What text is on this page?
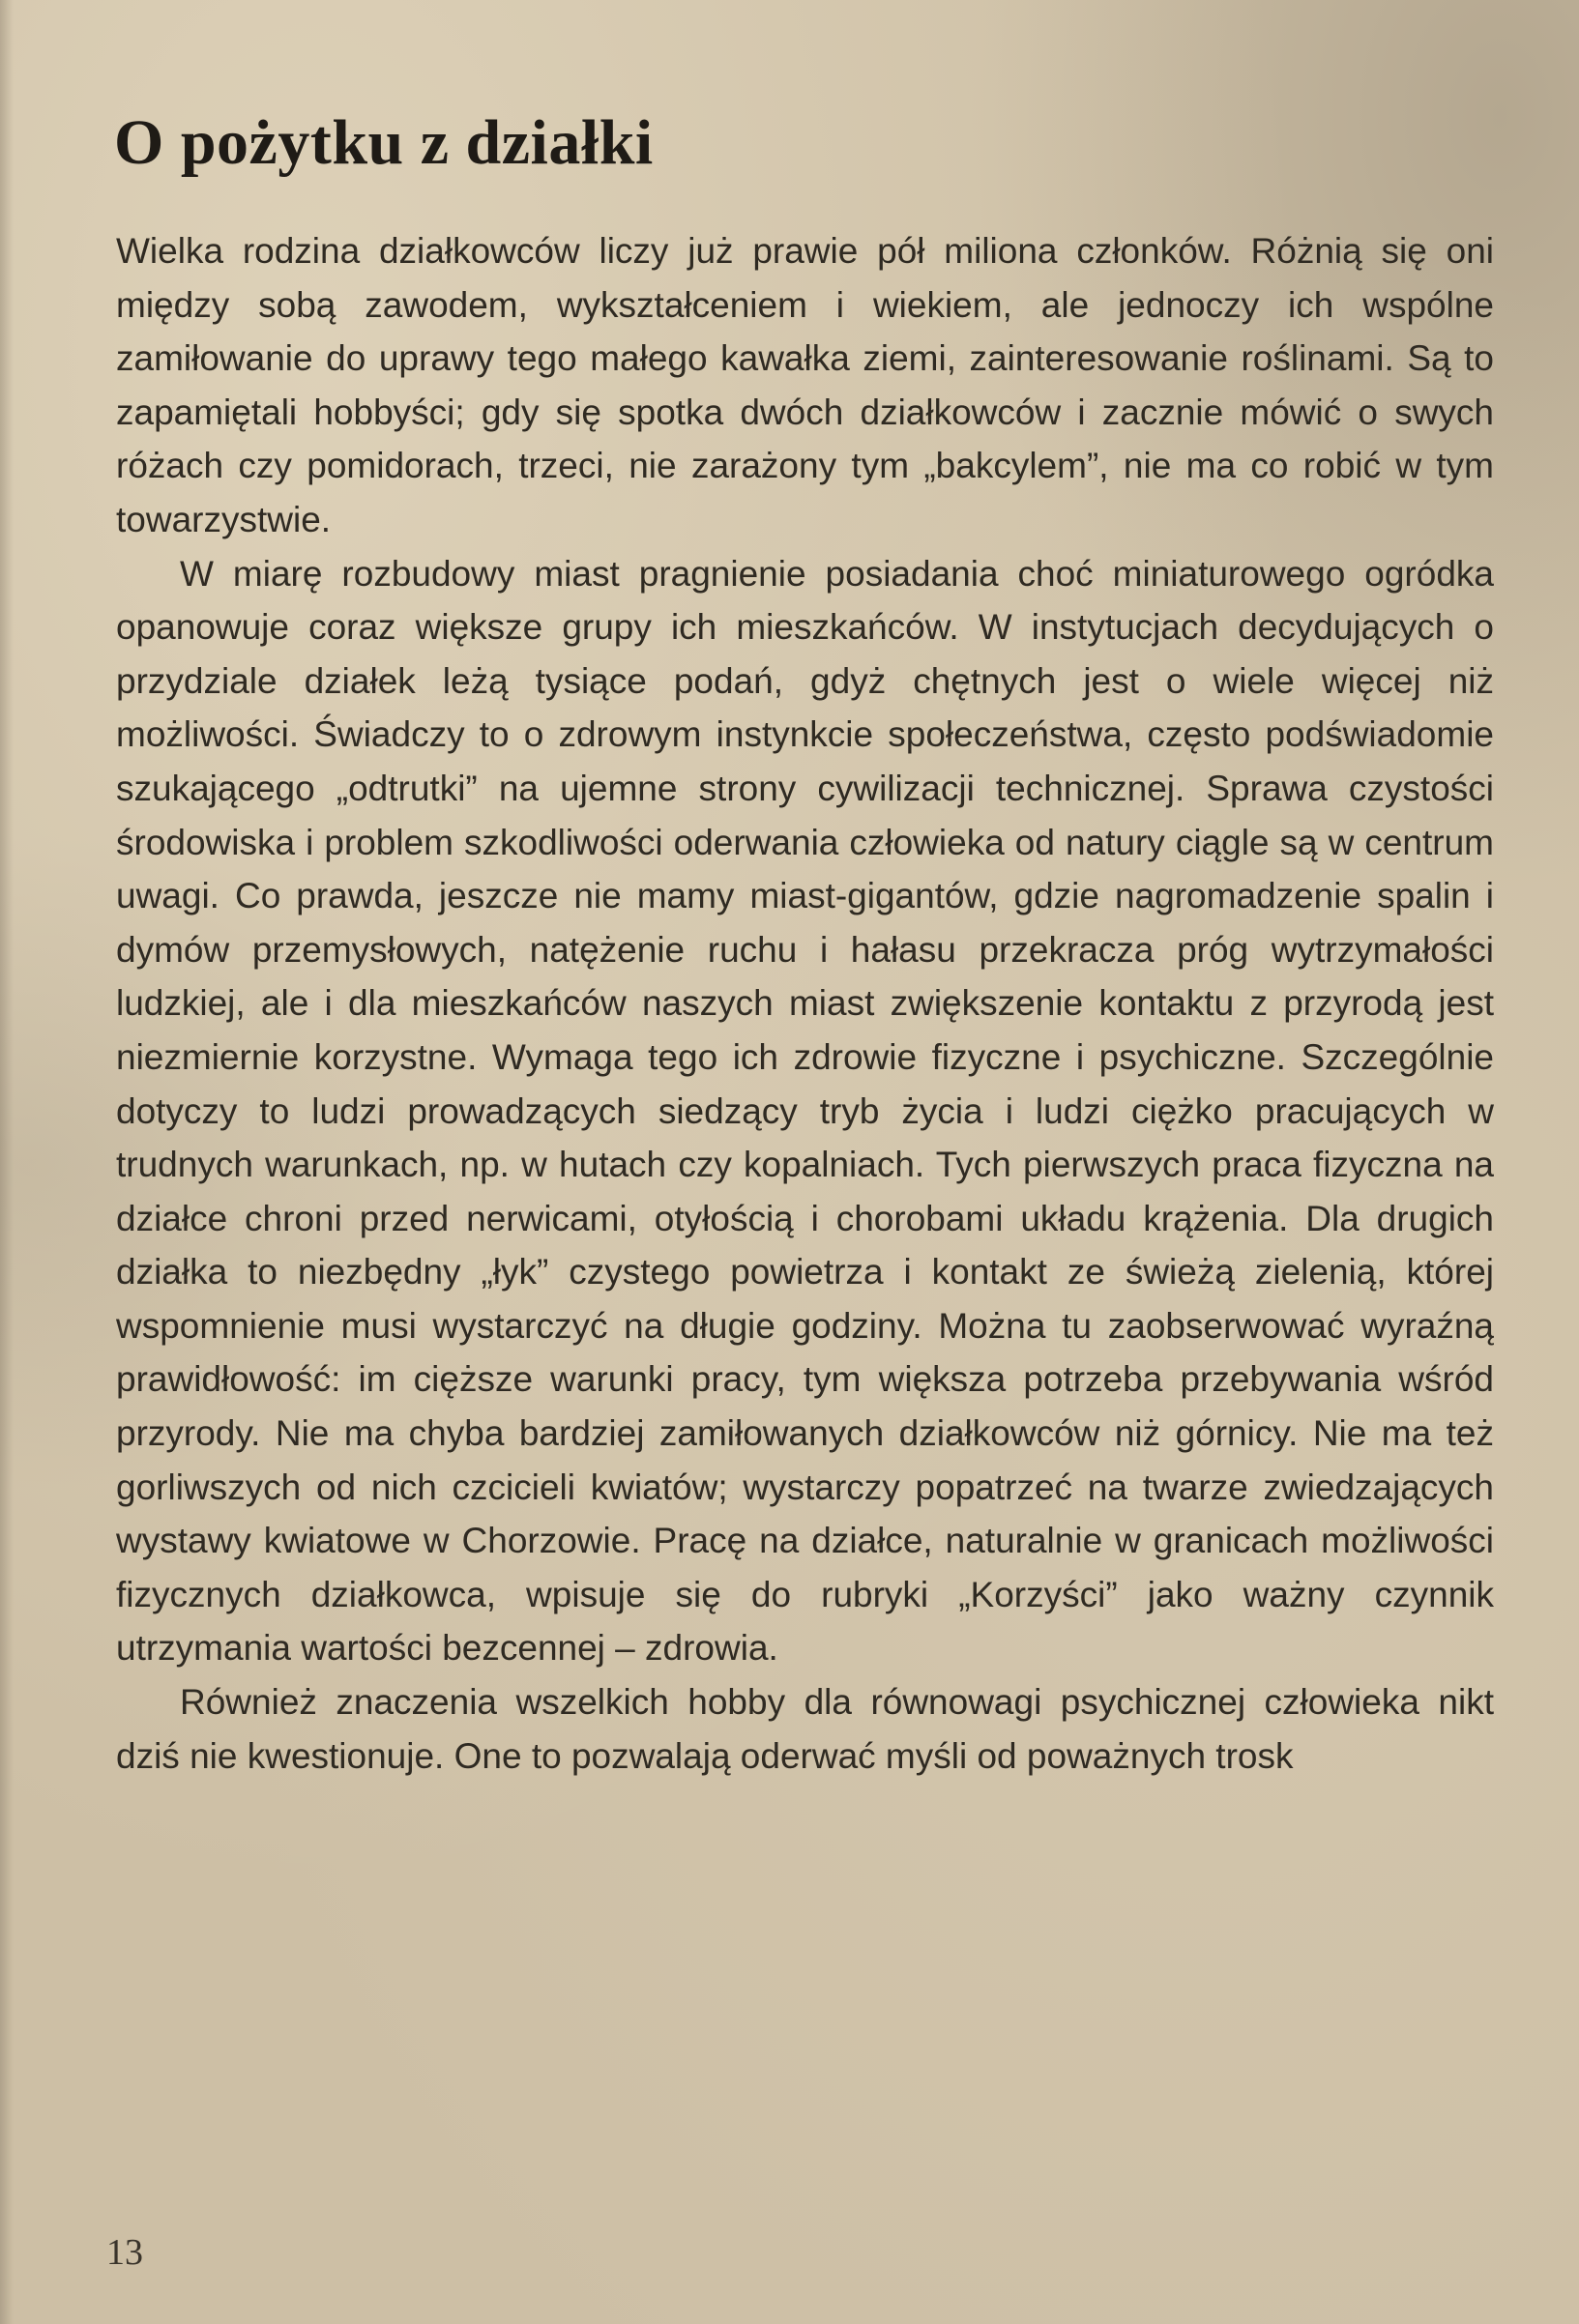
O pożytku z działki

Wielka rodzina działkowców liczy już prawie pół miliona członków. Różnią się oni między sobą zawodem, wykształceniem i wiekiem, ale jednoczy ich wspólne zamiłowanie do uprawy tego małego kawałka ziemi, zainteresowanie roślinami. Są to zapamiętali hobbyści; gdy się spotka dwóch działkowców i zacznie mówić o swych różach czy pomidorach, trzeci, nie zarażony tym „bakcylem”, nie ma co robić w tym towarzystwie.

W miarę rozbudowy miast pragnienie posiadania choć miniaturowego ogródka opanowuje coraz większe grupy ich mieszkańców. W instytucjach decydujących o przydziale działek leżą tysiące podań, gdyż chętnych jest o wiele więcej niż możliwości. Świadczy to o zdrowym instynkcie społeczeństwa, często podświadomie szukającego „odtrutki” na ujemne strony cywilizacji technicznej. Sprawa czystości środowiska i problem szkodliwości oderwania człowieka od natury ciągle są w centrum uwagi. Co prawda, jeszcze nie mamy miast-gigantów, gdzie nagromadzenie spalin i dymów przemysłowych, natężenie ruchu i hałasu przekracza próg wytrzymałości ludzkiej, ale i dla mieszkańców naszych miast zwiększenie kontaktu z przyrodą jest niezmiernie korzystne. Wymaga tego ich zdrowie fizyczne i psychiczne. Szczególnie dotyczy to ludzi prowadzących siedzący tryb życia i ludzi ciężko pracujących w trudnych warunkach, np. w hutach czy kopalniach. Tych pierwszych praca fizyczna na działce chroni przed nerwicami, otyłością i chorobami układu krążenia. Dla drugich działka to niezbędny „łyk” czystego powietrza i kontakt ze świeżą zielenią, której wspomnienie musi wystarczyć na długie godziny. Można tu zaobserwować wyraźną prawidłowość: im cięższe warunki pracy, tym większa potrzeba przebywania wśród przyrody. Nie ma chyba bardziej zamiłowanych działkowców niż górnicy. Nie ma też gorliwszych od nich czcicieli kwiatów; wystarczy popatrzeć na twarze zwiedzających wystawy kwiatowe w Chorzowie. Pracę na działce, naturalnie w granicach możliwości fizycznych działkowca, wpisuje się do rubryki „Korzyści” jako ważny czynnik utrzymania wartości bezcennej – zdrowia.

Również znaczenia wszelkich hobby dla równowagi psychicznej człowieka nikt dziś nie kwestionuje. One to pozwalają oderwać myśli od poważnych trosk

13
